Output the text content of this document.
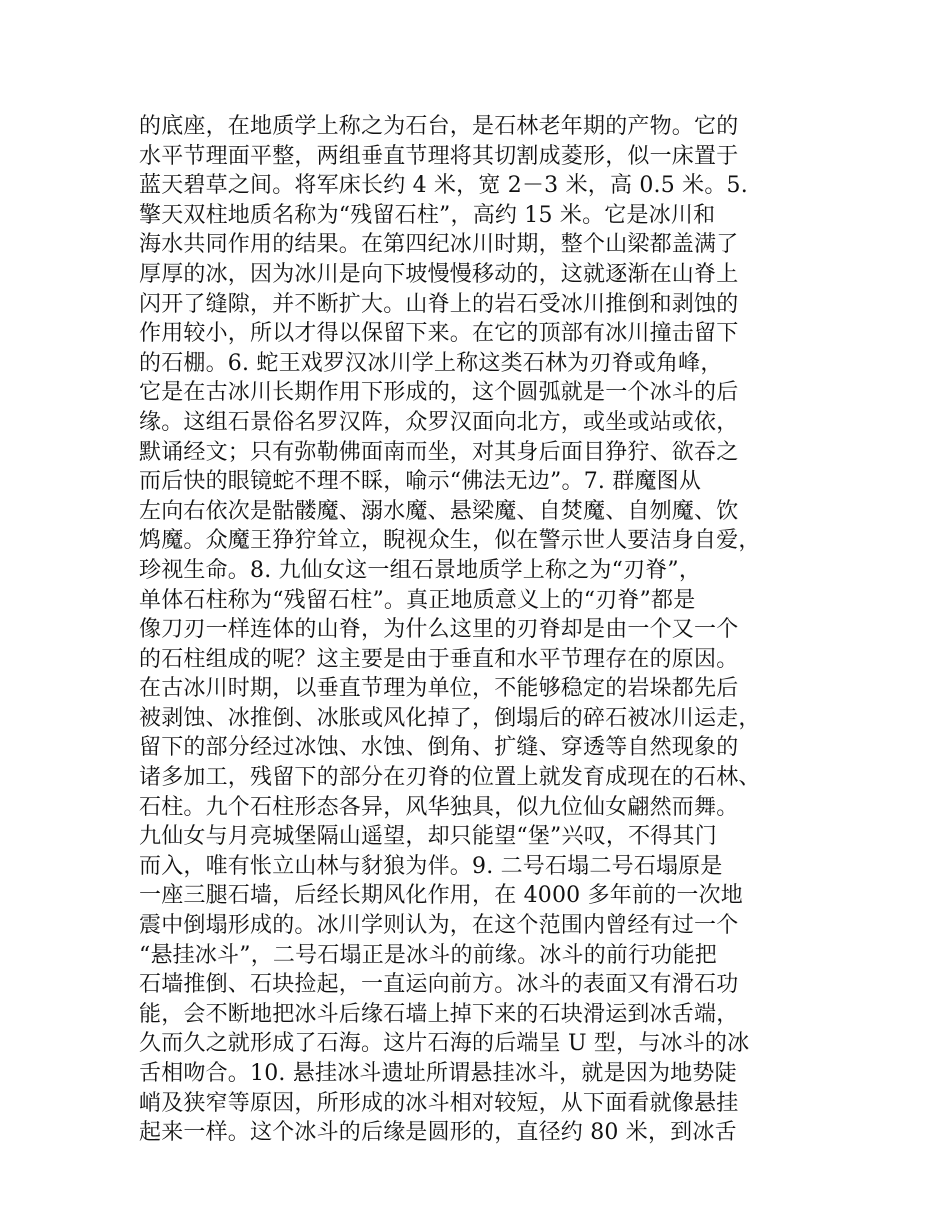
的底座，在地质学上称之为石台，是石林老年期的产物。它的
水平节理面平整，两组垂直节理将其切割成菱形，似一床置于
蓝天碧草之间。将军床长约 4 米，宽 2－3 米，高 0.5 米。5.
擎天双柱地质名称为“残留石柱”，高约 15 米。它是冰川和
海水共同作用的结果。在第四纪冰川时期，整个山梁都盖满了
厚厚的冰，因为冰川是向下坡慢慢移动的，这就逐渐在山脊上
闪开了缝隙，并不断扩大。山脊上的岩石受冰川推倒和剥蚀的
作用较小，所以才得以保留下来。在它的顶部有冰川撞击留下
的石棚。6. 蛇王戏罗汉冰川学上称这类石林为刃脊或角峰，
它是在古冰川长期作用下形成的，这个圆弧就是一个冰斗的后
缘。这组石景俗名罗汉阵，众罗汉面向北方，或坐或站或依，
默诵经文；只有弥勒佛面南而坐，对其身后面目狰狞、欲吞之
而后快的眼镜蛇不理不睬，喻示“佛法无边”。7. 群魔图从
左向右依次是骷髅魔、溺水魔、悬梁魔、自焚魔、自刎魔、饮
鸩魔。众魔王狰狞耸立，睨视众生，似在警示世人要洁身自爱，
珍视生命。8. 九仙女这一组石景地质学上称之为“刃脊”，
单体石柱称为“残留石柱”。真正地质意义上的“刃脊”都是
像刀刃一样连体的山脊，为什么这里的刃脊却是由一个又一个
的石柱组成的呢？这主要是由于垂直和水平节理存在的原因。
在古冰川时期，以垂直节理为单位，不能够稳定的岩垛都先后
被剥蚀、冰推倒、冰胀或风化掉了，倒塌后的碎石被冰川运走，
留下的部分经过冰蚀、水蚀、倒角、扩缝、穿透等自然现象的
诸多加工，残留下的部分在刃脊的位置上就发育成现在的石林、
石柱。九个石柱形态各异，风华独具，似九位仙女翩然而舞。
九仙女与月亮城堡隔山遥望，却只能望“堡”兴叹，不得其门
而入，唯有怅立山林与豺狼为伴。9. 二号石塌二号石塌原是
一座三腿石墙，后经长期风化作用，在 4000 多年前的一次地
震中倒塌形成的。冰川学则认为，在这个范围内曾经有过一个
“悬挂冰斗”，二号石塌正是冰斗的前缘。冰斗的前行功能把
石墙推倒、石块捡起，一直运向前方。冰斗的表面又有滑石功
能，会不断地把冰斗后缘石墙上掉下来的石块滑运到冰舌端，
久而久之就形成了石海。这片石海的后端呈 U 型，与冰斗的冰
舌相吻合。10. 悬挂冰斗遗址所谓悬挂冰斗，就是因为地势陡
峭及狭窄等原因，所形成的冰斗相对较短，从下面看就像悬挂
起来一样。这个冰斗的后缘是圆形的，直径约 80 米，到冰舌
